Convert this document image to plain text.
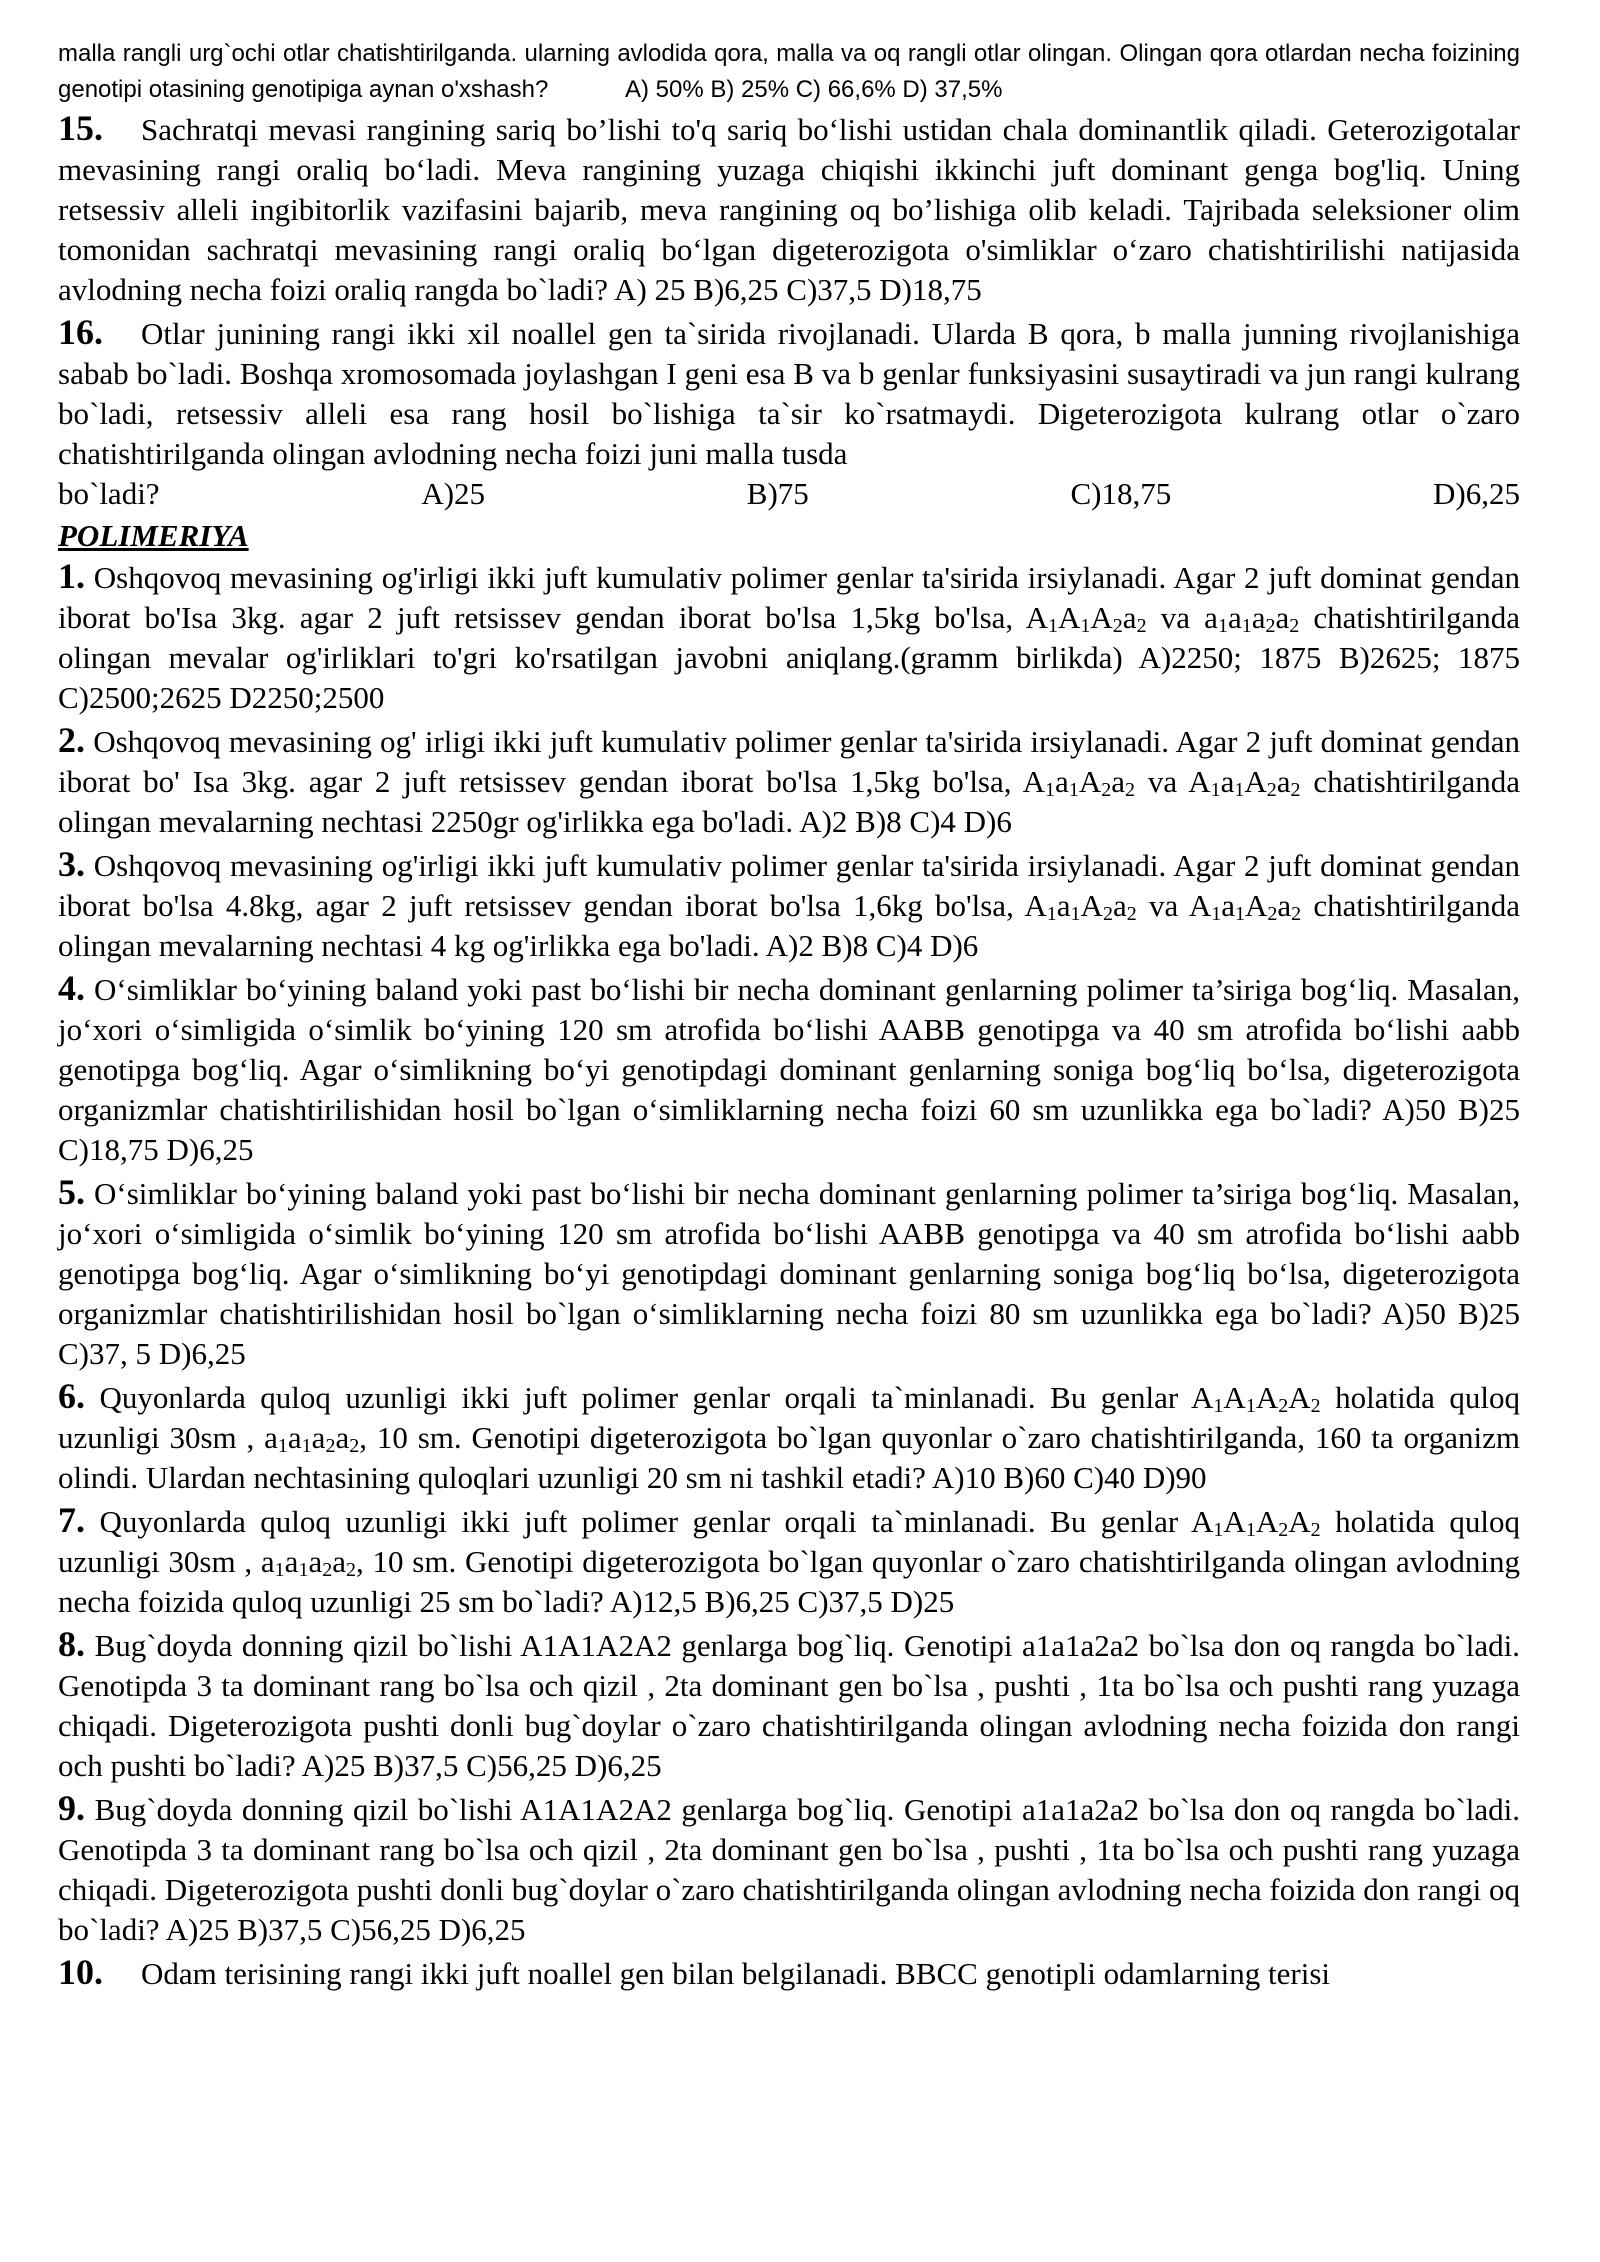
malla rangli urg`ochi otlar chatishtirilganda. ularning avlodida qora, malla va oq rangli otlar olingan. Olingan qora otlardan necha foizining genotipi otasining genotipiga aynan o'xshash?	A) 50% B) 25% C) 66,6% D) 37,5%

15. Sachratqi mevasi rangining sariq bo’lishi to'q sariq bo‘lishi ustidan chala dominantlik qiladi. Geterozigotalar mevasining rangi oraliq bo‘ladi. Meva rangining yuzaga chiqishi ikkinchi juft dominant genga bog'liq. Uning retsessiv alleli ingibitorlik vazifasini bajarib, meva rangining oq bo’lishiga olib keladi. Tajribada seleksioner olim tomonidan sachratqi mevasining rangi oraliq bo‘lgan digeterozigota o'simliklar o‘zaro chatishtirilishi natijasida avlodning necha foizi oraliq rangda bo`ladi? A) 25 B)6,25 C)37,5 D)18,75

16. Otlar junining rangi ikki xil noallel gen ta`sirida rivojlanadi. Ularda B qora, b malla junning rivojlanishiga sabab bo`ladi. Boshqa xromosomada joylashgan I geni esa B va b genlar funksiyasini susaytiradi va jun rangi kulrang bo`ladi, retsessiv alleli esa rang hosil bo`lishiga ta`sir ko`rsatmaydi. Digeterozigota kulrang otlar o`zaro chatishtirilganda olingan avlodning necha foizi juni malla tusda
bo`ladi?	A)25	B)75	C)18,75	D)6,25

POLIMERIYA

1. Oshqovoq mevasining og'irligi ikki juft kumulativ polimer genlar ta'sirida irsiylanadi. Agar 2 juft dominat gendan iborat bo'Isa 3kg. agar 2 juft retsissev gendan iborat bo'lsa 1,5kg bo'lsa, $A_1A_1A_2a_2$ va $a_1a_1a_2a_2$ chatishtirilganda olingan mevalar og'irliklari to'gri ko'rsatilgan javobni aniqlang.(gramm birlikda) A)2250; 1875 B)2625; 1875 C)2500;2625 D2250;2500

2. Oshqovoq mevasining og' irligi ikki juft kumulativ polimer genlar ta'sirida irsiylanadi. Agar 2 juft dominat gendan iborat bo' Isa 3kg. agar 2 juft retsissev gendan iborat bo'lsa 1,5kg bo'lsa, $A_1a_1A_2a_2$ va $A_1a_1A_2a_2$ chatishtirilganda olingan mevalarning nechtasi 2250gr og'irlikka ega bo'ladi. A)2 B)8 C)4 D)6

3. Oshqovoq mevasining og'irligi ikki juft kumulativ polimer genlar ta'sirida irsiylanadi. Agar 2 juft dominat gendan iborat bo'lsa 4.8kg, agar 2 juft retsissev gendan iborat bo'lsa 1,6kg bo'lsa, $A_1a_1A_2a_2$ va $A_1a_1A_2a_2$ chatishtirilganda olingan mevalarning nechtasi 4 kg og'irlikka ega bo'ladi. A)2 B)8 C)4 D)6

4. O‘simliklar bo‘yining baland yoki past bo‘lishi bir necha dominant genlarning polimer ta’siriga bog‘liq. Masalan, jo‘xori o‘simligida o‘simlik bo‘yining 120 sm atrofida bo‘lishi AABB genotipga va 40 sm atrofida bo‘lishi aabb genotipga bog‘liq. Agar o‘simlikning bo‘yi genotipdagi dominant genlarning soniga bog‘liq bo‘lsa, digeterozigota organizmlar chatishtirilishidan hosil bo`lgan o‘simliklarning necha foizi 60 sm uzunlikka ega bo`ladi? A)50 B)25 C)18,75 D)6,25

5. O‘simliklar bo‘yining baland yoki past bo‘lishi bir necha dominant genlarning polimer ta’siriga bog‘liq. Masalan, jo‘xori o‘simligida o‘simlik bo‘yining 120 sm atrofida bo‘lishi AABB genotipga va 40 sm atrofida bo‘lishi aabb genotipga bog‘liq. Agar o‘simlikning bo‘yi genotipdagi dominant genlarning soniga bog‘liq bo‘lsa, digeterozigota organizmlar chatishtirilishidan hosil bo`lgan o‘simliklarning necha foizi 80 sm uzunlikka ega bo`ladi? A)50 B)25 C)37, 5 D)6,25

6. Quyonlarda quloq uzunligi ikki juft polimer genlar orqali ta`minlanadi. Bu genlar $A_1A_1A_2A_2$ holatida quloq uzunligi 30sm , $a_1a_1a_2a_2$, 10 sm. Genotipi digeterozigota bo`lgan quyonlar o`zaro chatishtirilganda, 160 ta organizm olindi. Ulardan nechtasining quloqlari uzunligi 20 sm ni tashkil etadi? A)10 B)60 C)40 D)90

7. Quyonlarda quloq uzunligi ikki juft polimer genlar orqali ta`minlanadi. Bu genlar $A_1A_1A_2A_2$ holatida quloq uzunligi 30sm , $a_1a_1a_2a_2$, 10 sm. Genotipi digeterozigota bo`lgan quyonlar o`zaro chatishtirilganda olingan avlodning necha foizida quloq uzunligi 25 sm bo`ladi? A)12,5 B)6,25 C)37,5 D)25

8. Bug`doyda donning qizil bo`lishi A1A1A2A2 genlarga bog`liq. Genotipi a1a1a2a2 bo`lsa don oq rangda bo`ladi. Genotipda 3 ta dominant rang bo`lsa och qizil , 2ta dominant gen bo`lsa , pushti , 1ta bo`lsa och pushti rang yuzaga chiqadi. Digeterozigota pushti donli bug`doylar o`zaro chatishtirilganda olingan avlodning necha foizida don rangi och pushti bo`ladi? A)25 B)37,5 C)56,25 D)6,25

9. Bug`doyda donning qizil bo`lishi A1A1A2A2 genlarga bog`liq. Genotipi a1a1a2a2 bo`lsa don oq rangda bo`ladi. Genotipda 3 ta dominant rang bo`lsa och qizil , 2ta dominant gen bo`lsa , pushti , 1ta bo`lsa och pushti rang yuzaga chiqadi. Digeterozigota pushti donli bug`doylar o`zaro chatishtirilganda olingan avlodning necha foizida don rangi oq bo`ladi? A)25 B)37,5 C)56,25 D)6,25

10. Odam terisining rangi ikki juft noallel gen bilan belgilanadi. BBCC genotipli odamlarning terisi
